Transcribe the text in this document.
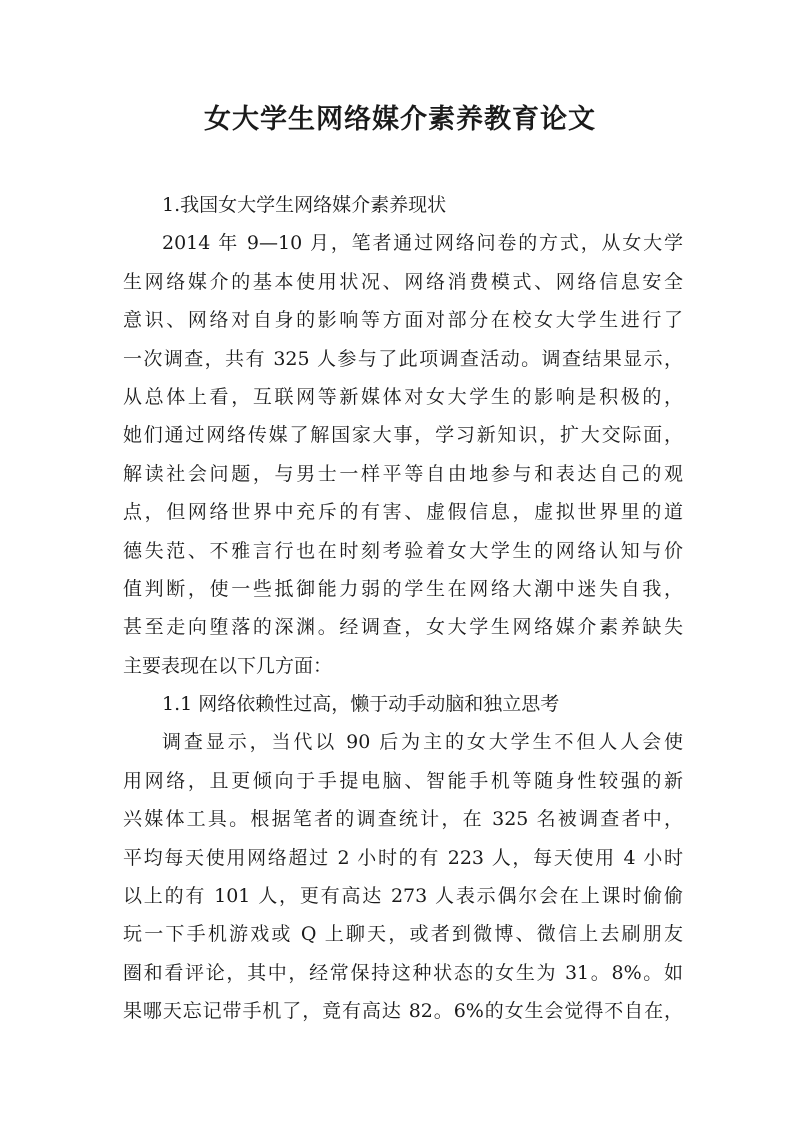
女大学生网络媒介素养教育论文
1.我国女大学生网络媒介素养现状
2014 年 9—10 月，笔者通过网络问卷的方式，从女大学
生网络媒介的基本使用状况、网络消费模式、网络信息安全
意识、网络对自身的影响等方面对部分在校女大学生进行了
一次调查，共有 325 人参与了此项调查活动。调查结果显示，
从总体上看，互联网等新媒体对女大学生的影响是积极的，
她们通过网络传媒了解国家大事，学习新知识，扩大交际面，
解读社会问题，与男士一样平等自由地参与和表达自己的观
点，但网络世界中充斥的有害、虚假信息，虚拟世界里的道
德失范、不雅言行也在时刻考验着女大学生的网络认知与价
值判断，使一些抵御能力弱的学生在网络大潮中迷失自我，
甚至走向堕落的深渊。经调查，女大学生网络媒介素养缺失
主要表现在以下几方面：
1.1 网络依赖性过高，懒于动手动脑和独立思考
调查显示，当代以 90 后为主的女大学生不但人人会使
用网络，且更倾向于手提电脑、智能手机等随身性较强的新
兴媒体工具。根据笔者的调查统计，在 325 名被调查者中，
平均每天使用网络超过 2 小时的有 223 人，每天使用 4 小时
以上的有 101 人，更有高达 273 人表示偶尔会在上课时偷偷
玩一下手机游戏或 Q 上聊天，或者到微博、微信上去刷朋友
圈和看评论，其中，经常保持这种状态的女生为 31。8%。如
果哪天忘记带手机了，竟有高达 82。6%的女生会觉得不自在，
